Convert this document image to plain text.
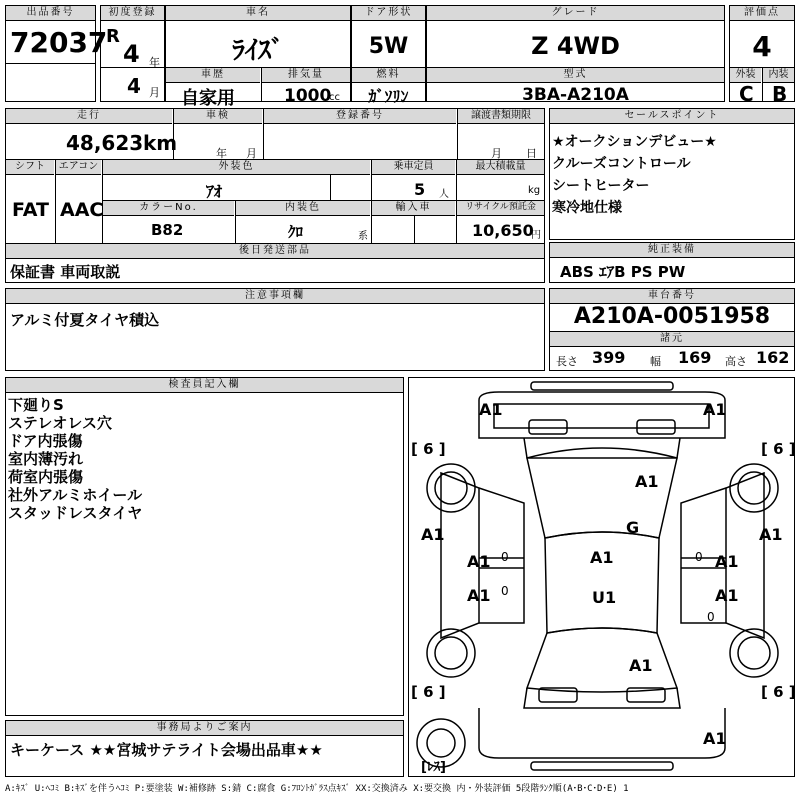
出品番号
72037
初度登録
R
4 年
4 月
車名
ﾗｲｽﾞ
車歴	排気量
自家用	1000
cc
ドア形状
5W
燃料
ｶﾞｿﾘﾝ
グレード
Z 4WD
型式
3BA-A210A
評価点
4
外装	内装
C B
走行
48,623 km
車検
年 月
登録番号	譲渡書類期限
月 日
シフト	エアコン
FAT AAC
外装色
ｱｵ
乗車定員
5 人
最大積載量
kg
カラーNo.
B82
内装色
ｸﾛ	系
輸入車	リサイクル預託金
10,650
円
後日発送部品
保証書 車両取説
セールスポイント
★オークションデビュー★
クルーズコントロール
シートヒーター
寒冷地仕様
純正装備
ABS ｴｱB PS PW
注意事項欄
アルミ付夏タイヤ積込
車台番号
A210A-0051958
諸元
長さ 399 幅 169 高さ 162
検査員記入欄
下廻りS
ステレオレス穴
ドア内張傷
室内薄汚れ
荷室内張傷
社外アルミホイール
スタッドレスタイヤ
事務局よりご案内
キーケース ★★宮城サテライト会場出品車★★
A1	A1
A1
G
A1
U1
A1	A1
A1
A1
A1
A1
A1
A1
0	0
0
0
[ 6 ]	[ 6 ]
[ 6 ]	[ 6 ]
[ﾚｽ]
A:ｷｽﾞ U:ﾍｺﾐ B:ｷｽﾞを伴うﾍｺﾐ P:要塗装 W:補修跡 S:錆 C:腐食 G:ﾌﾛﾝﾄｶﾞﾗｽ点ｷｽﾞ XX:交換済み X:要交換 内・外装評価 5段階ﾗﾝｸ順(A･B･C･D･E) 1
